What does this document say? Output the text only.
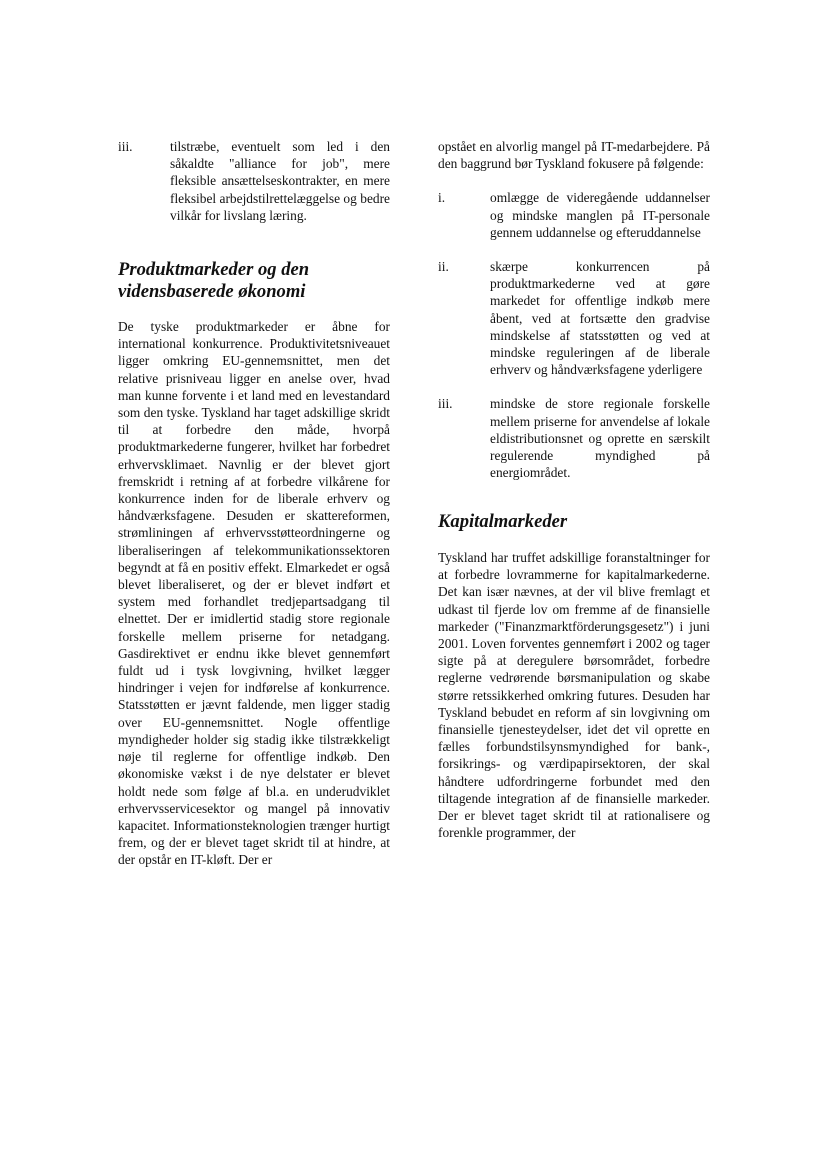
iii.	tilstræbe, eventuelt som led i den såkaldte "alliance for job", mere fleksible ansættelseskontrakter, en mere fleksibel arbejdstilrettelæggelse og bedre vilkår for livslang læring.
Produktmarkeder og den vidensbaserede økonomi

De tyske produktmarkeder er åbne for international konkurrence. Produktivitetsniveauet ligger omkring EU-gennemsnittet, men det relative prisniveau ligger en anelse over, hvad man kunne forvente i et land med en levestandard som den tyske. Tyskland har taget adskillige skridt til at forbedre den måde, hvorpå produktmarkederne fungerer, hvilket har forbedret erhvervsklimaet. Navnlig er der blevet gjort fremskridt i retning af at forbedre vilkårene for konkurrence inden for de liberale erhverv og håndværksfagene. Desuden er skattereformen, strømliningen af erhvervsstøtteordningerne og liberaliseringen af telekommunikationssektoren begyndt at få en positiv effekt. Elmarkedet er også blevet liberaliseret, og der er blevet indført et system med forhandlet tredjepartsadgang til elnettet. Der er imidlertid stadig store regionale forskelle mellem priserne for netadgang. Gasdirektivet er endnu ikke blevet gennemført fuldt ud i tysk lovgivning, hvilket lægger hindringer i vejen for indførelse af konkurrence. Statsstøtten er jævnt faldende, men ligger stadig over EU-gennemsnittet. Nogle offentlige myndigheder holder sig stadig ikke tilstrækkeligt nøje til reglerne for offentlige indkøb. Den økonomiske vækst i de nye delstater er blevet holdt nede som følge af bl.a. en underudviklet erhvervsservicesektor og mangel på innovativ kapacitet. Informationsteknologien trænger hurtigt frem, og der er blevet taget skridt til at hindre, at der opstår en IT-kløft. Der er

opstået en alvorlig mangel på IT-medarbejdere. På den baggrund bør Tyskland fokusere på følgende:

i.	omlægge de videregående uddannelser og mindske manglen på IT-personale gennem uddannelse og efteruddannelse
ii.	skærpe konkurrencen på produktmarkederne ved at gøre markedet for offentlige indkøb mere åbent, ved at fortsætte den gradvise mindskelse af statsstøtten og ved at mindske reguleringen af de liberale erhverv og håndværksfagene yderligere
iii.	mindske de store regionale forskelle mellem priserne for anvendelse af lokale eldistributionsnet og oprette en særskilt regulerende myndighed på energiområdet.
Kapitalmarkeder

Tyskland har truffet adskillige foranstaltninger for at forbedre lovrammerne for kapitalmarkederne. Det kan især nævnes, at der vil blive fremlagt et udkast til fjerde lov om fremme af de finansielle markeder ("Finanzmarktförderungsgesetz") i juni 2001. Loven forventes gennemført i 2002 og tager sigte på at deregulere børsområdet, forbedre reglerne vedrørende børsmanipulation og skabe større retssikkerhed omkring futures. Desuden har Tyskland bebudet en reform af sin lovgivning om finansielle tjenesteydelser, idet det vil oprette en fælles forbundstilsynsmyndighed for bank-, forsikrings- og værdipapirsektoren, der skal håndtere udfordringerne forbundet med den tiltagende integration af de finansielle markeder. Der er blevet taget skridt til at rationalisere og forenkle programmer, der
